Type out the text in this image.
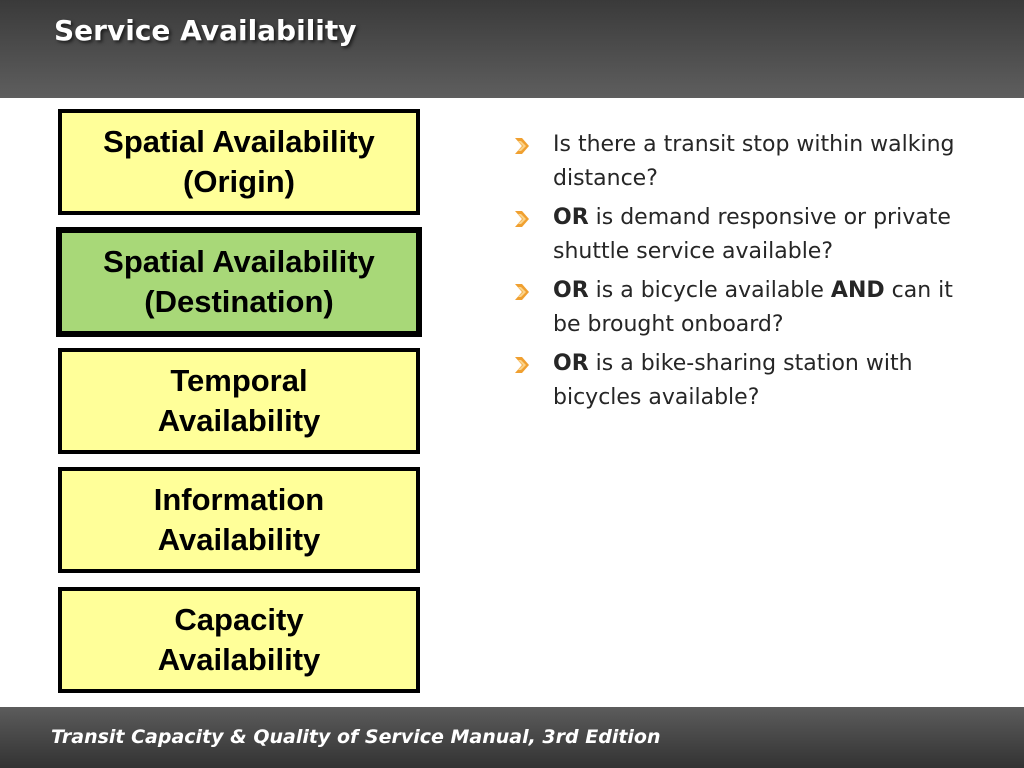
Service Availability
Spatial Availability
(Origin)
Spatial Availability
(Destination)
Temporal
Availability
Information
Availability
Capacity
Availability
Is there a transit stop within walking distance?
OR is demand responsive or private shuttle service available?
OR is a bicycle available AND can it be brought onboard?
OR is a bike-sharing station with bicycles available?
Transit Capacity & Quality of Service Manual, 3rd Edition
